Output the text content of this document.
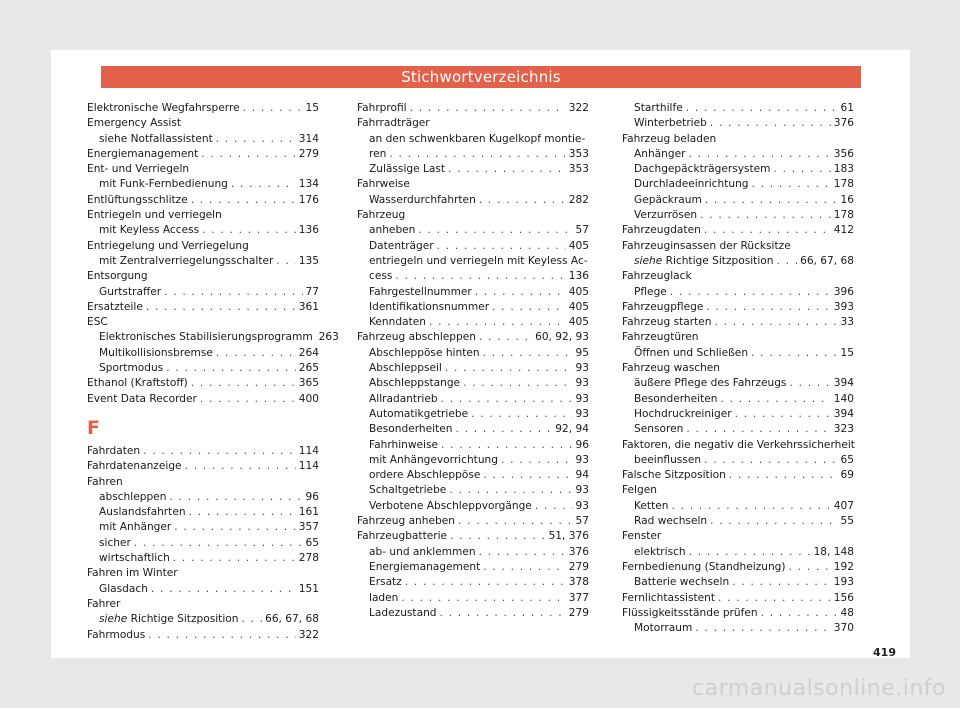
Stichwortverzeichnis
Elektronische Wegfahrsperre . . .	15
Emergency Assist
siehe Notfallassistent . . .	314
Energiemanagement . . .	279
Ent- und Verriegeln
mit Funk-Fernbedienung . . .	134
Entlüftungsschlitze . . .	176
Entriegeln und verriegeln
mit Keyless Access . . .	136
Entriegelung und Verriegelung
mit Zentralverriegelungsschalter . . . 135
Entsorgung
Gurtstraffer . . .	77
Ersatzteile . . .	361
ESC
Elektronisches Stabilisierungsprogramm 263
Multikollisionsbremse . . .	264
Sportmodus . . .	265
Ethanol (Kraftstoff) . . .	365
Event Data Recorder . . .	400
F
Fahrdaten . . .	114
Fahrdatenanzeige . . .	114
Fahren
abschleppen . . .	96
Auslandsfahrten . . .	161
mit Anhänger . . .	357
sicher . . .	65
wirtschaftlich . . .	278
Fahren im Winter
Glasdach . . .	151
Fahrer
siehe Richtige Sitzposition . . .	66, 67, 68
Fahrmodus . . .	322
Fahrprofil . . .	322
Fahrradträger
an den schwenkbaren Kugelkopf montie-
ren . . .	353
Zulässige Last . . .	353
Fahrweise
Wasserdurchfahrten . . .	282
Fahrzeug
anheben . . .	57
Datenträger . . .	405
entriegeln und verriegeln mit Keyless Ac-
cess . . .	136
Fahrgestellnummer . . .	405
Identifikationsnummer . . .	405
Kenndaten . . .	405
Fahrzeug abschleppen . . .	60, 92, 93
Abschleppöse hinten . . .	95
Abschleppseil . . .	93
Abschleppstange . . .	93
Allradantrieb . . .	93
Automatikgetriebe . . .	93
Besonderheiten . . .	92, 94
Fahrhinweise . . .	96
mit Anhängevorrichtung . . .	93
ordere Abschleppöse . . .	94
Schaltgetriebe . . .	93
Verbotene Abschleppvorgänge . . .	93
Fahrzeug anheben . . .	57
Fahrzeugbatterie . . .	51, 376
ab- und anklemmen . . .	376
Energiemanagement . . .	279
Ersatz . . .	378
laden . . .	377
Ladezustand . . .	279
Starthilfe . . .	61
Winterbetrieb . . .	376
Fahrzeug beladen
Anhänger . . .	356
Dachgepäckträgersystem . . .	183
Durchladeeinrichtung . . .	178
Gepäckraum . . .	16
Verzurrösen . . .	178
Fahrzeugdaten . . .	412
Fahrzeuginsassen der Rücksitze
siehe Richtige Sitzposition . . .	66, 67, 68
Fahrzeuglack
Pflege . . .	396
Fahrzeugpflege . . .	393
Fahrzeug starten . . .	33
Fahrzeugtüren
Öffnen und Schließen . . .	15
Fahrzeug waschen
äußere Pflege des Fahrzeugs . . .	394
Besonderheiten . . .	140
Hochdruckreiniger . . .	394
Sensoren . . .	323
Faktoren, die negativ die Verkehrssicherheit
beeinflussen . . .	65
Falsche Sitzposition . . .	69
Felgen
Ketten . . .	407
Rad wechseln . . .	55
Fenster
elektrisch . . .	18, 148
Fernbedienung (Standheizung) . . .	192
Batterie wechseln . . .	193
Fernlichtassistent . . .	156
Flüssigkeitsstände prüfen . . .	48
Motorraum . . .	370
419
carmanualsonline.info
